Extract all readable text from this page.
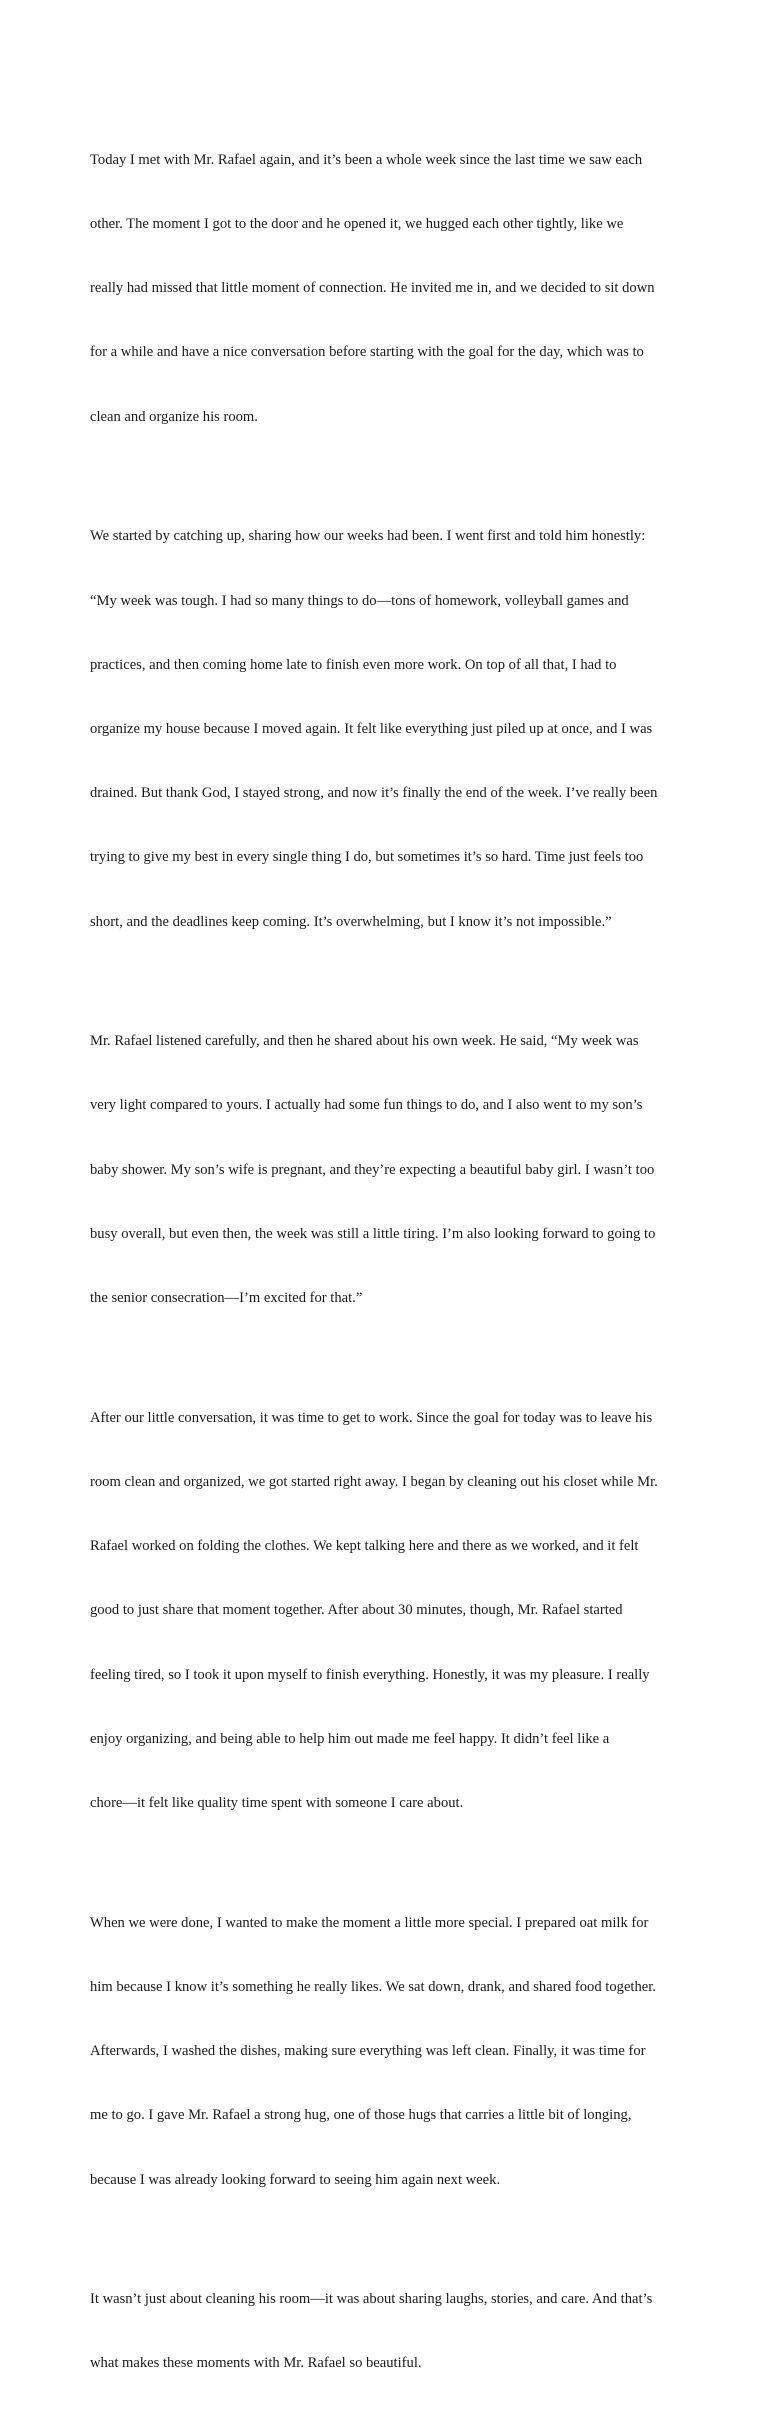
Today I met with Mr. Rafael again, and it’s been a whole week since the last time we saw each

other. The moment I got to the door and he opened it, we hugged each other tightly, like we

really had missed that little moment of connection. He invited me in, and we decided to sit down

for a while and have a nice conversation before starting with the goal for the day, which was to

clean and organize his room.

We started by catching up, sharing how our weeks had been. I went first and told him honestly:

“My week was tough. I had so many things to do—tons of homework, volleyball games and

practices, and then coming home late to finish even more work. On top of all that, I had to

organize my house because I moved again. It felt like everything just piled up at once, and I was

drained. But thank God, I stayed strong, and now it’s finally the end of the week. I’ve really been

trying to give my best in every single thing I do, but sometimes it’s so hard. Time just feels too

short, and the deadlines keep coming. It’s overwhelming, but I know it’s not impossible.”

Mr. Rafael listened carefully, and then he shared about his own week. He said, “My week was

very light compared to yours. I actually had some fun things to do, and I also went to my son’s

baby shower. My son’s wife is pregnant, and they’re expecting a beautiful baby girl. I wasn’t too

busy overall, but even then, the week was still a little tiring. I’m also looking forward to going to

the senior consecration—I’m excited for that.”

After our little conversation, it was time to get to work. Since the goal for today was to leave his

room clean and organized, we got started right away. I began by cleaning out his closet while Mr.

Rafael worked on folding the clothes. We kept talking here and there as we worked, and it felt

good to just share that moment together. After about 30 minutes, though, Mr. Rafael started

feeling tired, so I took it upon myself to finish everything. Honestly, it was my pleasure. I really

enjoy organizing, and being able to help him out made me feel happy. It didn’t feel like a

chore—it felt like quality time spent with someone I care about.

When we were done, I wanted to make the moment a little more special. I prepared oat milk for

him because I know it’s something he really likes. We sat down, drank, and shared food together.

Afterwards, I washed the dishes, making sure everything was left clean. Finally, it was time for

me to go. I gave Mr. Rafael a strong hug, one of those hugs that carries a little bit of longing,

because I was already looking forward to seeing him again next week.

It wasn’t just about cleaning his room—it was about sharing laughs, stories, and care. And that’s

what makes these moments with Mr. Rafael so beautiful.
